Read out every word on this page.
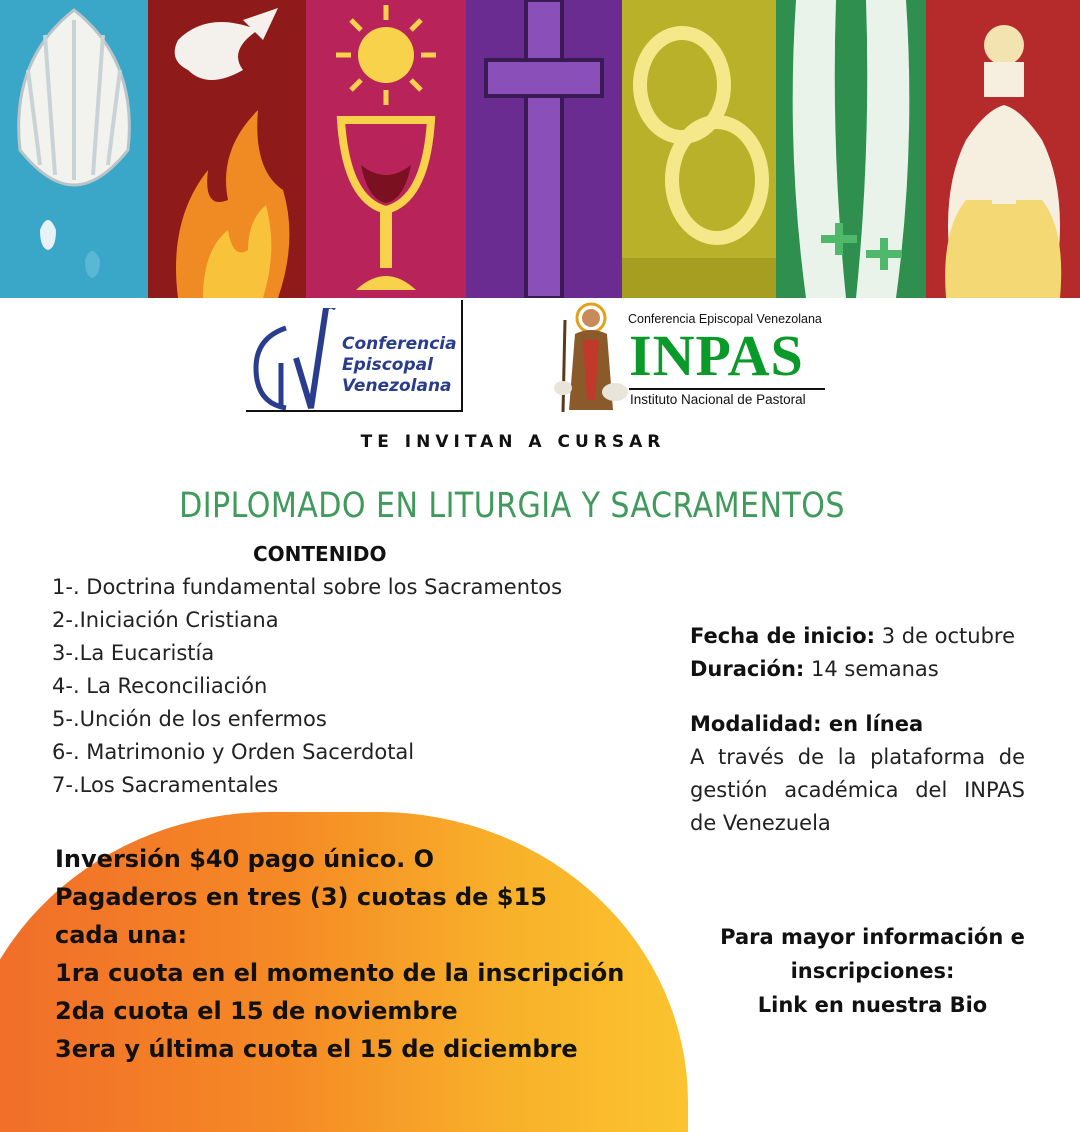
Conferencia
Episcopal
Venezolana
Conferencia Episcopal Venezolana
INPAS
Instituto Nacional de Pastoral
TE INVITAN A CURSAR
DIPLOMADO EN LITURGIA Y SACRAMENTOS
CONTENIDO
1-. Doctrina fundamental sobre los Sacramentos
2-.Iniciación Cristiana
3-.La Eucaristía
4-. La Reconciliación
5-.Unción de los enfermos
6-. Matrimonio y Orden Sacerdotal
7-.Los Sacramentales
Fecha de inicio: 3 de octubre
Duración: 14 semanas
Modalidad: en línea
A través de la plataforma de gestión académica del INPAS de Venezuela
Inversión $40 pago único. O
Pagaderos en tres (3) cuotas de $15
cada una:
1ra cuota en el momento de la inscripción
2da cuota el 15 de noviembre
3era y última cuota el 15 de diciembre
Para mayor información e
inscripciones:
Link en nuestra Bio
